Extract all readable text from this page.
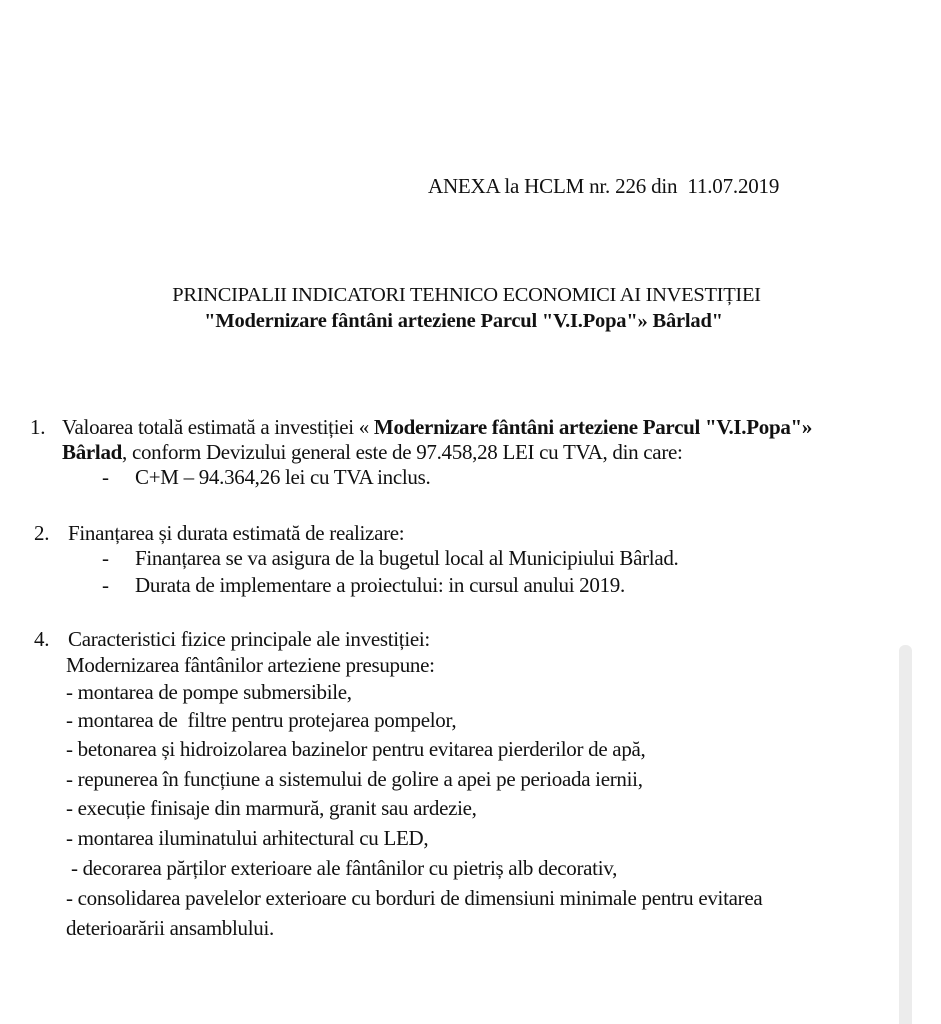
ANEXA la HCLM nr. 226 din  11.07.2019
PRINCIPALII INDICATORI TEHNICO ECONOMICI AI INVESTIȚIEI
"Modernizare fântâni arteziene Parcul "V.I.Popa"» Bârlad"
1. Valoarea totală estimată a investiției « Modernizare fântâni arteziene Parcul "V.I.Popa"»
Bârlad, conform Devizului general este de 97.458,28 LEI cu TVA, din care:
- C+M – 94.364,26 lei cu TVA inclus.
2. Finanțarea și durata estimată de realizare:
- Finanțarea se va asigura de la bugetul local al Municipiului Bârlad.
- Durata de implementare a proiectului: in cursul anului 2019.
4. Caracteristici fizice principale ale investiției:
Modernizarea fântânilor arteziene presupune:
- montarea de pompe submersibile,
- montarea de  filtre pentru protejarea pompelor,
- betonarea și hidroizolarea bazinelor pentru evitarea pierderilor de apă,
- repunerea în funcțiune a sistemului de golire a apei pe perioada iernii,
- execuție finisaje din marmură, granit sau ardezie,
- montarea iluminatului arhitectural cu LED,
- decorarea părților exterioare ale fântânilor cu pietriș alb decorativ,
- consolidarea pavelelor exterioare cu borduri de dimensiuni minimale pentru evitarea
deterioarării ansamblului.
